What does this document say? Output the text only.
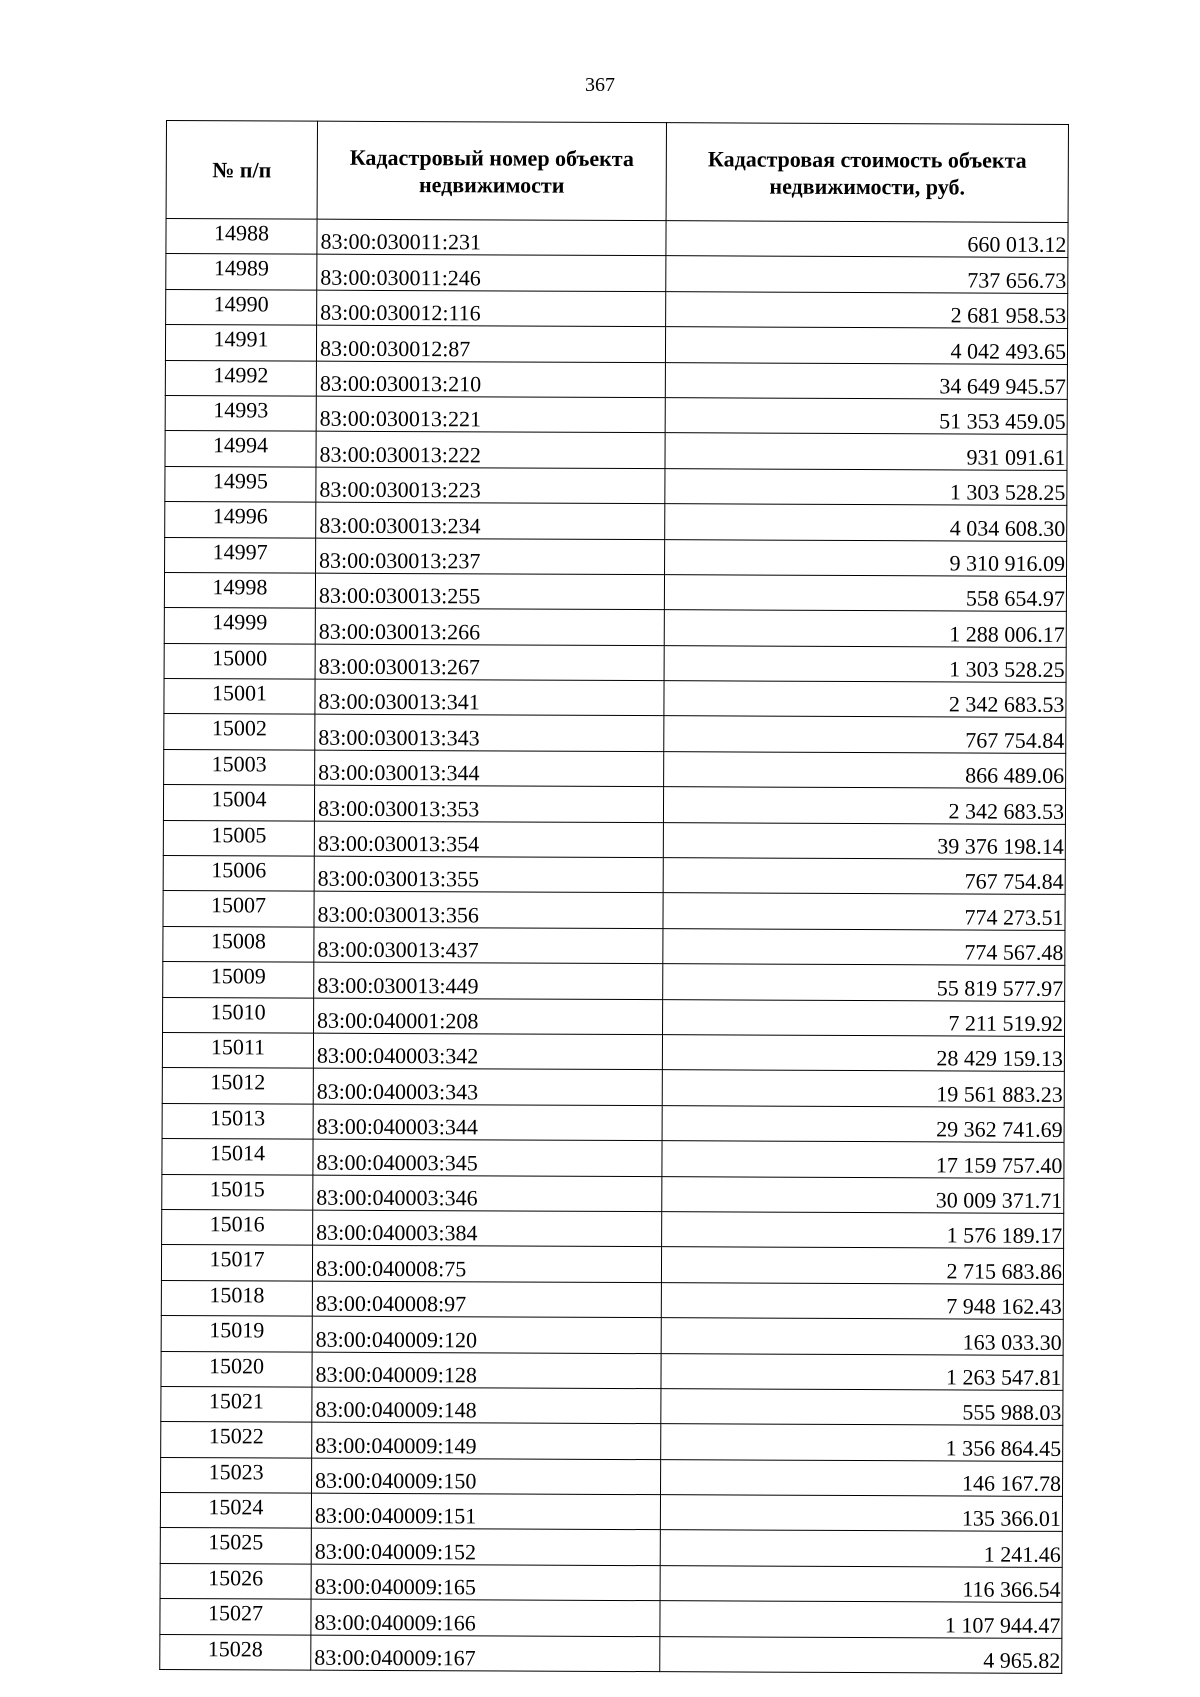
367
№ п/п	Кадастровый номер объекта недвижимости	Кадастровая стоимость объекта недвижимости, руб.
14988	83:00:030011:231	660 013.12
14989	83:00:030011:246	737 656.73
14990	83:00:030012:116	2 681 958.53
14991	83:00:030012:87	4 042 493.65
14992	83:00:030013:210	34 649 945.57
14993	83:00:030013:221	51 353 459.05
14994	83:00:030013:222	931 091.61
14995	83:00:030013:223	1 303 528.25
14996	83:00:030013:234	4 034 608.30
14997	83:00:030013:237	9 310 916.09
14998	83:00:030013:255	558 654.97
14999	83:00:030013:266	1 288 006.17
15000	83:00:030013:267	1 303 528.25
15001	83:00:030013:341	2 342 683.53
15002	83:00:030013:343	767 754.84
15003	83:00:030013:344	866 489.06
15004	83:00:030013:353	2 342 683.53
15005	83:00:030013:354	39 376 198.14
15006	83:00:030013:355	767 754.84
15007	83:00:030013:356	774 273.51
15008	83:00:030013:437	774 567.48
15009	83:00:030013:449	55 819 577.97
15010	83:00:040001:208	7 211 519.92
15011	83:00:040003:342	28 429 159.13
15012	83:00:040003:343	19 561 883.23
15013	83:00:040003:344	29 362 741.69
15014	83:00:040003:345	17 159 757.40
15015	83:00:040003:346	30 009 371.71
15016	83:00:040003:384	1 576 189.17
15017	83:00:040008:75	2 715 683.86
15018	83:00:040008:97	7 948 162.43
15019	83:00:040009:120	163 033.30
15020	83:00:040009:128	1 263 547.81
15021	83:00:040009:148	555 988.03
15022	83:00:040009:149	1 356 864.45
15023	83:00:040009:150	146 167.78
15024	83:00:040009:151	135 366.01
15025	83:00:040009:152	1 241.46
15026	83:00:040009:165	116 366.54
15027	83:00:040009:166	1 107 944.47
15028	83:00:040009:167	4 965.82
